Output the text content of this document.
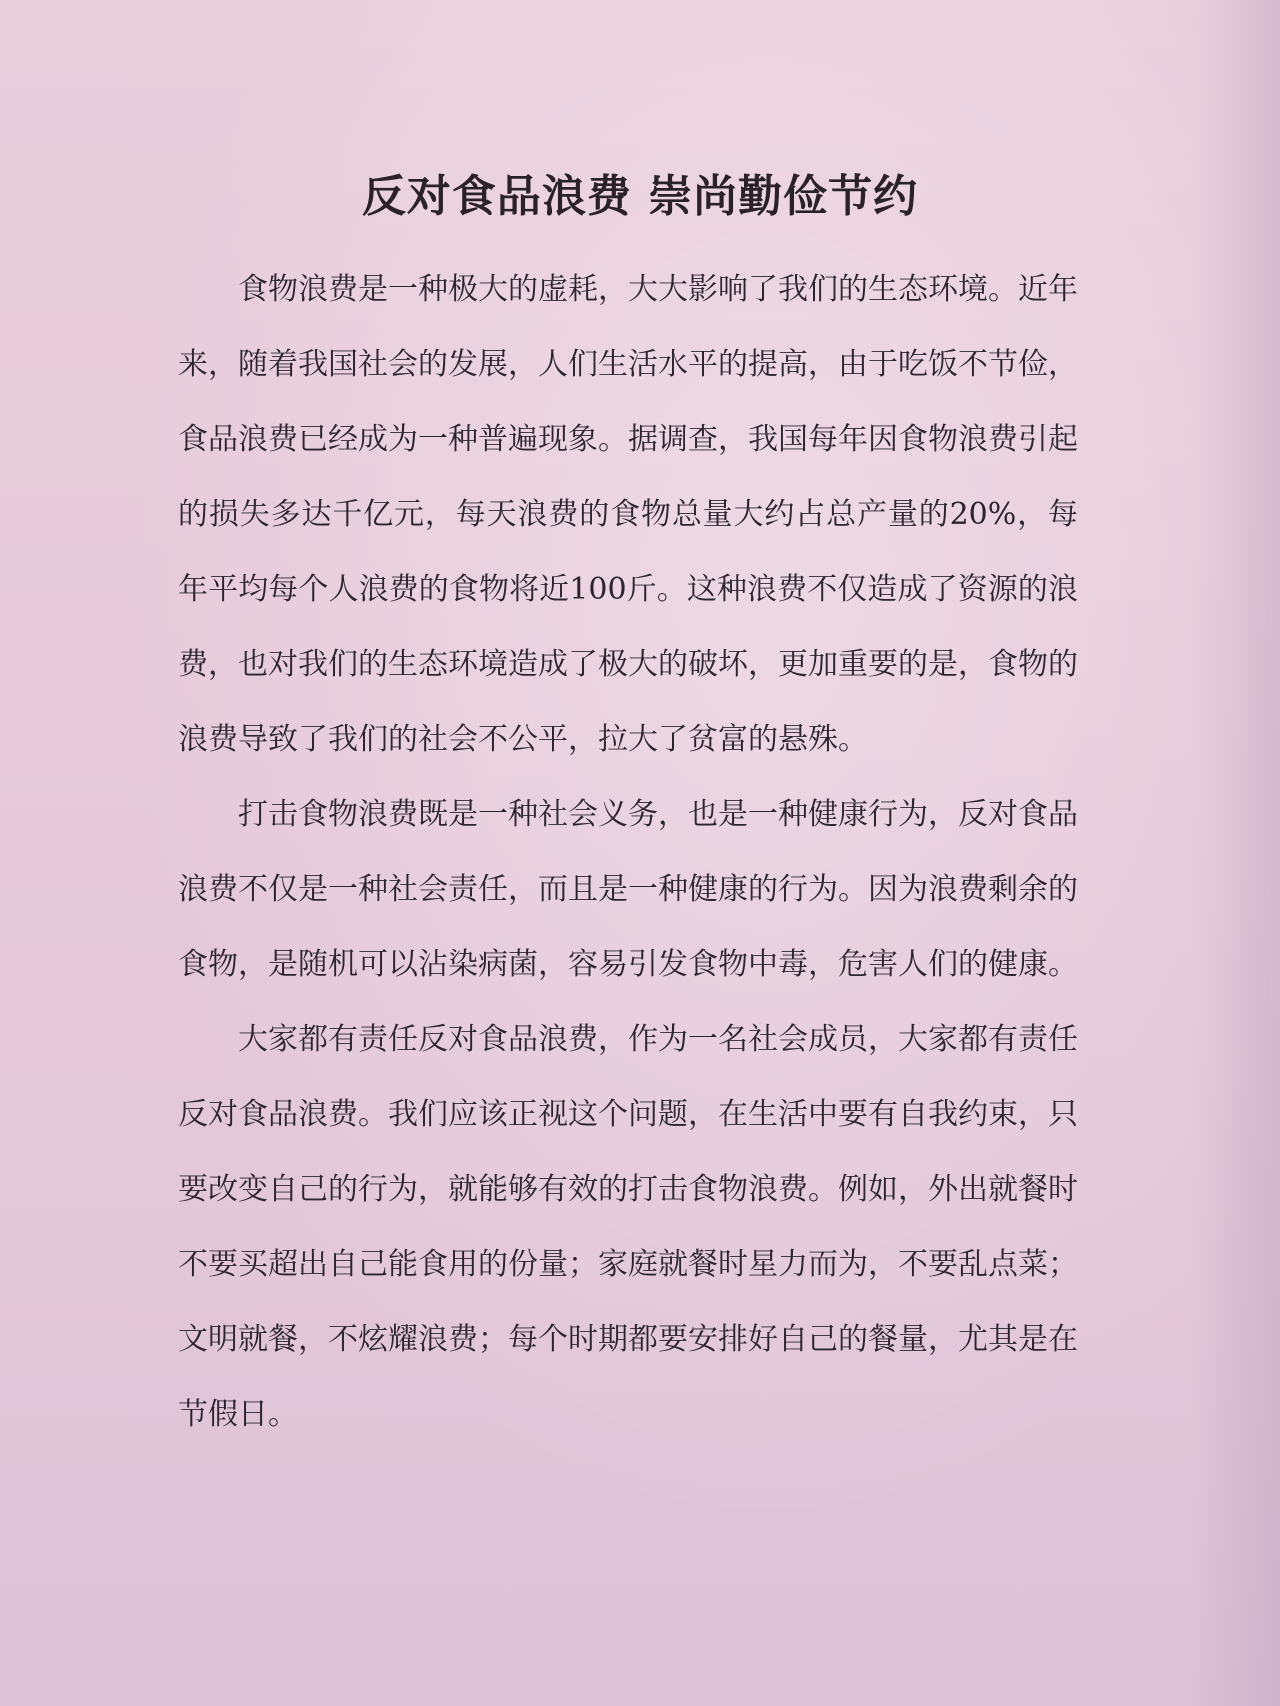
反对食品浪费 崇尚勤俭节约

食物浪费是一种极大的虚耗，大大影响了我们的生态环境。近年来，随着我国社会的发展，人们生活水平的提高，由于吃饭不节俭，食品浪费已经成为一种普遍现象。据调查，我国每年因食物浪费引起的损失多达千亿元，每天浪费的食物总量大约占总产量的20%，每年平均每个人浪费的食物将近100斤。这种浪费不仅造成了资源的浪费，也对我们的生态环境造成了极大的破坏，更加重要的是，食物的浪费导致了我们的社会不公平，拉大了贫富的悬殊。

打击食物浪费既是一种社会义务，也是一种健康行为，反对食品浪费不仅是一种社会责任，而且是一种健康的行为。因为浪费剩余的食物，是随机可以沾染病菌，容易引发食物中毒，危害人们的健康。

大家都有责任反对食品浪费，作为一名社会成员，大家都有责任反对食品浪费。我们应该正视这个问题，在生活中要有自我约束，只要改变自己的行为，就能够有效的打击食物浪费。例如，外出就餐时不要买超出自己能食用的份量；家庭就餐时星力而为，不要乱点菜；文明就餐，不炫耀浪费；每个时期都要安排好自己的餐量，尤其是在节假日。
